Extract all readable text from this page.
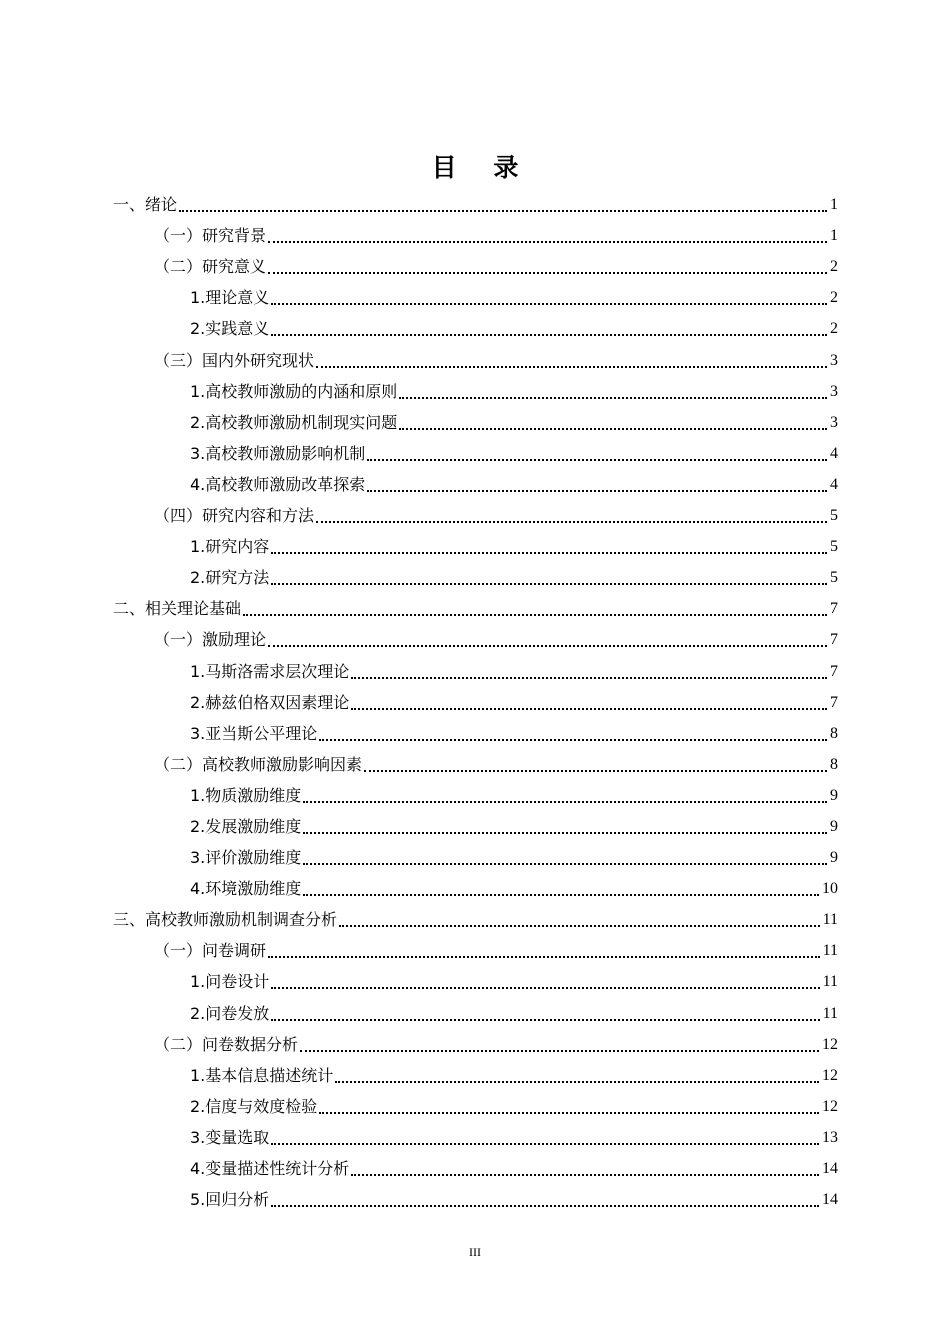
目 录
一、绪论	1
（一）研究背景	1
（二）研究意义	2
1.理论意义	2
2.实践意义	2
（三）国内外研究现状	3
1.高校教师激励的内涵和原则	3
2.高校教师激励机制现实问题	3
3.高校教师激励影响机制	4
4.高校教师激励改革探索	4
（四）研究内容和方法	5
1.研究内容	5
2.研究方法	5
二、相关理论基础	7
（一）激励理论	7
1.马斯洛需求层次理论	7
2.赫兹伯格双因素理论	7
3.亚当斯公平理论	8
（二）高校教师激励影响因素	8
1.物质激励维度	9
2.发展激励维度	9
3.评价激励维度	9
4.环境激励维度	10
三、高校教师激励机制调查分析	11
（一）问卷调研	11
1.问卷设计	11
2.问卷发放	11
（二）问卷数据分析	12
1.基本信息描述统计	12
2.信度与效度检验	12
3.变量选取	13
4.变量描述性统计分析	14
5.回归分析	14
III
